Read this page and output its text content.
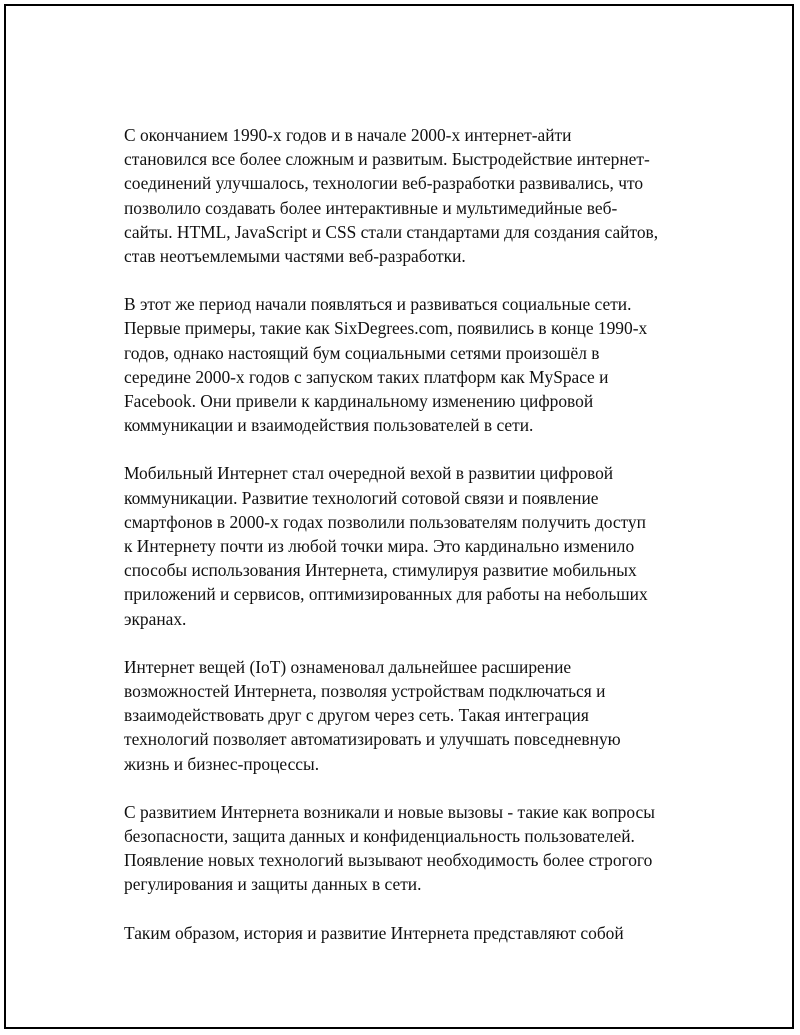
С окончанием 1990-х годов и в начале 2000-х интернет-айти
становился все более сложным и развитым. Быстродействие интернет-
соединений улучшалось, технологии веб-разработки развивались, что
позволило создавать более интерактивные и мультимедийные веб-
сайты. HTML, JavaScript и CSS стали стандартами для создания сайтов,
став неотъемлемыми частями веб-разработки.

В этот же период начали появляться и развиваться социальные сети.
Первые примеры, такие как SixDegrees.com, появились в конце 1990-х
годов, однако настоящий бум социальными сетями произошёл в
середине 2000-х годов с запуском таких платформ как MySpace и
Facebook. Они привели к кардинальному изменению цифровой
коммуникации и взаимодействия пользователей в сети.

Мобильный Интернет стал очередной вехой в развитии цифровой
коммуникации. Развитие технологий сотовой связи и появление
смартфонов в 2000-х годах позволили пользователям получить доступ
к Интернету почти из любой точки мира. Это кардинально изменило
способы использования Интернета, стимулируя развитие мобильных
приложений и сервисов, оптимизированных для работы на небольших
экранах.

Интернет вещей (IoT) ознаменовал дальнейшее расширение
возможностей Интернета, позволяя устройствам подключаться и
взаимодействовать друг с другом через сеть. Такая интеграция
технологий позволяет автоматизировать и улучшать повседневную
жизнь и бизнес-процессы.

С развитием Интернета возникали и новые вызовы - такие как вопросы
безопасности, защита данных и конфиденциальность пользователей.
Появление новых технологий вызывают необходимость более строгого
регулирования и защиты данных в сети.

Таким образом, история и развитие Интернета представляют собой
